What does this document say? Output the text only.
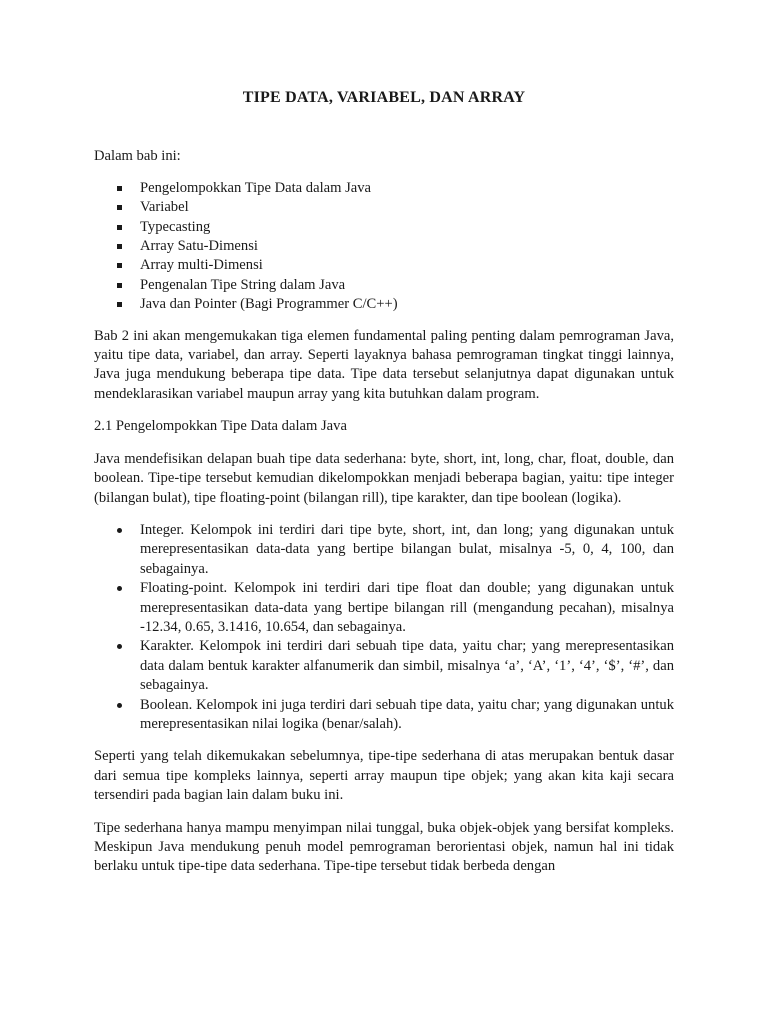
TIPE DATA, VARIABEL, DAN ARRAY
Dalam bab ini:
Pengelompokkan Tipe Data dalam Java
Variabel
Typecasting
Array Satu-Dimensi
Array multi-Dimensi
Pengenalan Tipe String dalam Java
Java dan Pointer (Bagi Programmer C/C++)
Bab 2 ini akan mengemukakan tiga elemen fundamental paling penting dalam pemrograman Java, yaitu tipe data, variabel, dan array. Seperti layaknya bahasa pemrograman tingkat tinggi lainnya, Java juga mendukung beberapa tipe data. Tipe data tersebut selanjutnya dapat digunakan untuk mendeklarasikan variabel maupun array yang kita butuhkan dalam program.
2.1 Pengelompokkan Tipe Data dalam Java
Java mendefisikan delapan buah tipe data sederhana: byte, short, int, long, char, float, double, dan boolean. Tipe-tipe tersebut kemudian dikelompokkan menjadi beberapa bagian, yaitu: tipe integer (bilangan bulat), tipe floating-point (bilangan rill), tipe karakter, dan tipe boolean (logika).
Integer. Kelompok ini terdiri dari tipe byte, short, int, dan long; yang digunakan untuk merepresentasikan data-data yang bertipe bilangan bulat, misalnya -5, 0, 4, 100, dan sebagainya.
Floating-point. Kelompok ini terdiri dari tipe float dan double; yang digunakan untuk merepresentasikan data-data yang bertipe bilangan rill (mengandung pecahan), misalnya -12.34, 0.65, 3.1416, 10.654, dan sebagainya.
Karakter. Kelompok ini terdiri dari sebuah tipe data, yaitu char; yang merepresentasikan data dalam bentuk karakter alfanumerik dan simbil, misalnya ‘a’, ‘A’, ‘1’, ‘4’, ‘$’, ‘#’, dan sebagainya.
Boolean. Kelompok ini juga terdiri dari sebuah tipe data, yaitu char; yang digunakan untuk merepresentasikan nilai logika (benar/salah).
Seperti yang telah dikemukakan sebelumnya, tipe-tipe sederhana di atas merupakan bentuk dasar dari semua tipe kompleks lainnya, seperti array maupun tipe objek; yang akan kita kaji secara tersendiri pada bagian lain dalam buku ini.
Tipe sederhana hanya mampu menyimpan nilai tunggal, buka objek-objek yang bersifat kompleks. Meskipun Java mendukung penuh model pemrograman berorientasi objek, namun hal ini tidak berlaku untuk tipe-tipe data sederhana. Tipe-tipe tersebut tidak berbeda dengan
